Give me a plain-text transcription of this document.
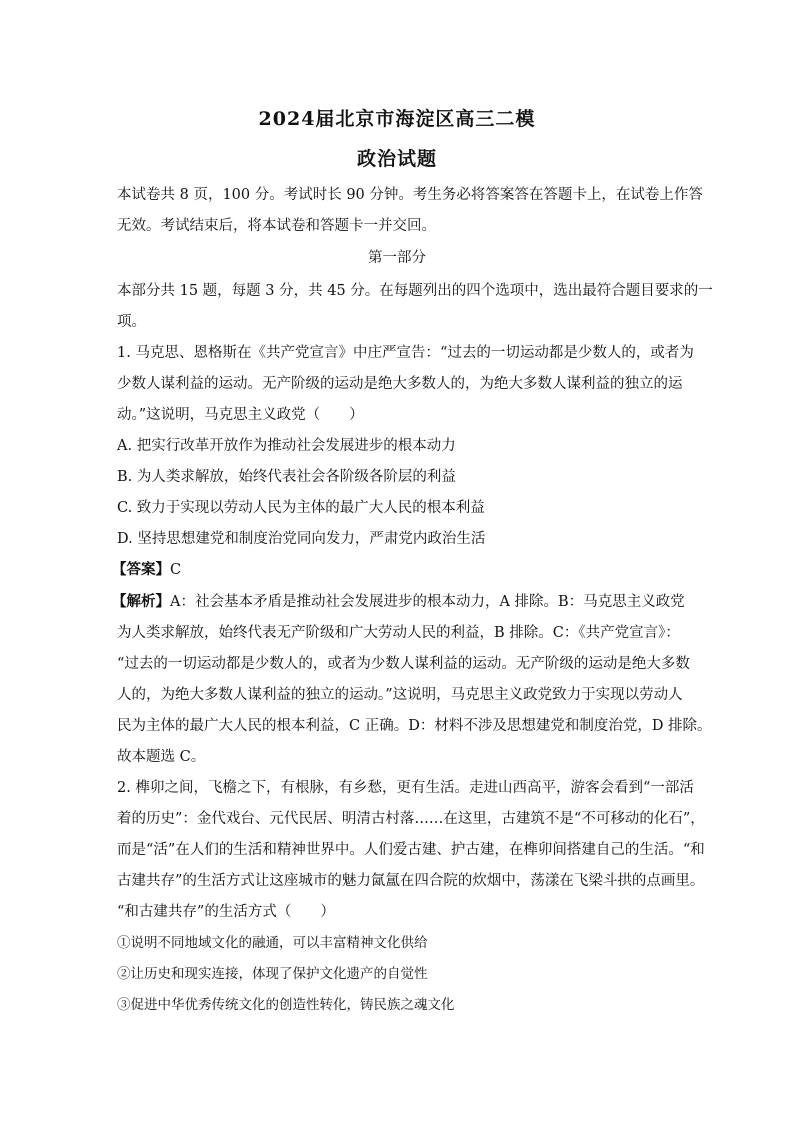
2024届北京市海淀区高三二模
政治试题
本试卷共 8 页，100 分。考试时长 90 分钟。考生务必将答案答在答题卡上，在试卷上作答
无效。考试结束后，将本试卷和答题卡一并交回。
第一部分
本部分共 15 题，每题 3 分，共 45 分。在每题列出的四个选项中，选出最符合题目要求的一
项。
1. 马克思、恩格斯在《共产党宣言》中庄严宣告：“过去的一切运动都是少数人的，或者为
少数人谋利益的运动。无产阶级的运动是绝大多数人的，为绝大多数人谋利益的独立的运
动。”这说明，马克思主义政党（　　）
A. 把实行改革开放作为推动社会发展进步的根本动力
B. 为人类求解放，始终代表社会各阶级各阶层的利益
C. 致力于实现以劳动人民为主体的最广大人民的根本利益
D. 坚持思想建党和制度治党同向发力，严肃党内政治生活
【答案】C
【解析】A：社会基本矛盾是推动社会发展进步的根本动力，A 排除。B：马克思主义政党
为人类求解放，始终代表无产阶级和广大劳动人民的利益，B 排除。C：《共产党宣言》：
“过去的一切运动都是少数人的，或者为少数人谋利益的运动。无产阶级的运动是绝大多数
人的，为绝大多数人谋利益的独立的运动。”这说明，马克思主义政党致力于实现以劳动人
民为主体的最广大人民的根本利益，C 正确。D：材料不涉及思想建党和制度治党，D 排除。
故本题选 C。
2. 榫卯之间，飞檐之下，有根脉，有乡愁，更有生活。走进山西高平，游客会看到“一部活
着的历史”：金代戏台、元代民居、明清古村落……在这里，古建筑不是“不可移动的化石”，
而是“活”在人们的生活和精神世界中。人们爱古建、护古建，在榫卯间搭建自己的生活。“和
古建共存”的生活方式让这座城市的魅力氤氲在四合院的炊烟中，荡漾在飞梁斗拱的点画里。
“和古建共存”的生活方式（　　）
①说明不同地域文化的融通，可以丰富精神文化供给
②让历史和现实连接，体现了保护文化遗产的自觉性
③促进中华优秀传统文化的创造性转化，铸民族之魂文化
